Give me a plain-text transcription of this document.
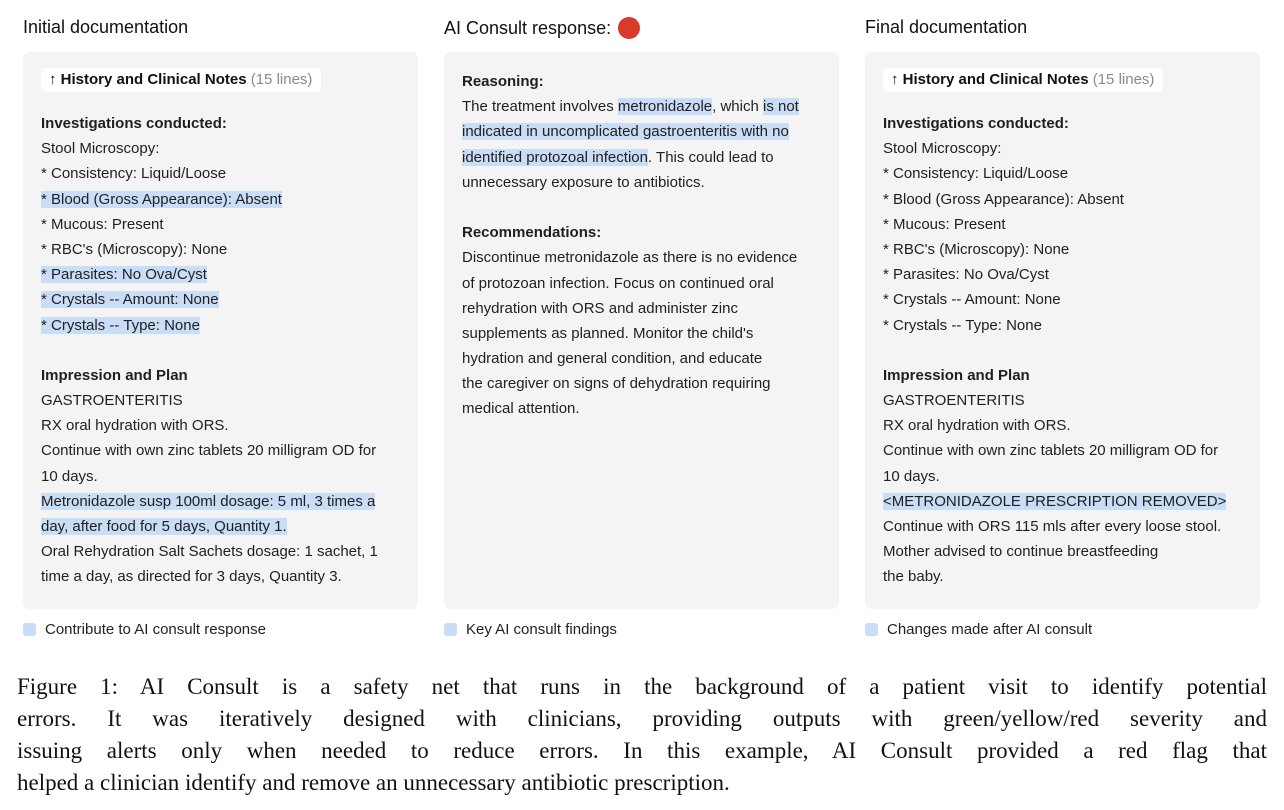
Initial documentation
↑ History and Clinical Notes (15 lines)
Investigations conducted:
Stool Microscopy:
* Consistency: Liquid/Loose
* Blood (Gross Appearance): Absent
* Mucous: Present
* RBC's (Microscopy): None
* Parasites: No Ova/Cyst
* Crystals -- Amount: None
* Crystals -- Type: None
Impression and Plan
GASTROENTERITIS
RX oral hydration with ORS.
Continue with own zinc tablets 20 milligram OD for
10 days.
Metronidazole susp 100ml dosage: 5 ml, 3 times a
day, after food for 5 days, Quantity 1.
Oral Rehydration Salt Sachets dosage: 1 sachet, 1
time a day, as directed for 3 days, Quantity 3.
Contribute to AI consult response
AI Consult response:
Reasoning:
The treatment involves metronidazole, which is not
indicated in uncomplicated gastroenteritis with no
identified protozoal infection. This could lead to
unnecessary exposure to antibiotics.
Recommendations:
Discontinue metronidazole as there is no evidence
of protozoan infection. Focus on continued oral
rehydration with ORS and administer zinc
supplements as planned. Monitor the child's
hydration and general condition, and educate
the caregiver on signs of dehydration requiring
medical attention.
Key AI consult findings
Final documentation
↑ History and Clinical Notes (15 lines)
Investigations conducted:
Stool Microscopy:
* Consistency: Liquid/Loose
* Blood (Gross Appearance): Absent
* Mucous: Present
* RBC's (Microscopy): None
* Parasites: No Ova/Cyst
* Crystals -- Amount: None
* Crystals -- Type: None
Impression and Plan
GASTROENTERITIS
RX oral hydration with ORS.
Continue with own zinc tablets 20 milligram OD for
10 days.
<METRONIDAZOLE PRESCRIPTION REMOVED>
Continue with ORS 115 mls after every loose stool.
Mother advised to continue breastfeeding
the baby.
Changes made after AI consult
Figure 1: AI Consult is a safety net that runs in the background of a patient visit to identify potential
errors. It was iteratively designed with clinicians, providing outputs with green/yellow/red severity and
issuing alerts only when needed to reduce errors. In this example, AI Consult provided a red flag that
helped a clinician identify and remove an unnecessary antibiotic prescription.
